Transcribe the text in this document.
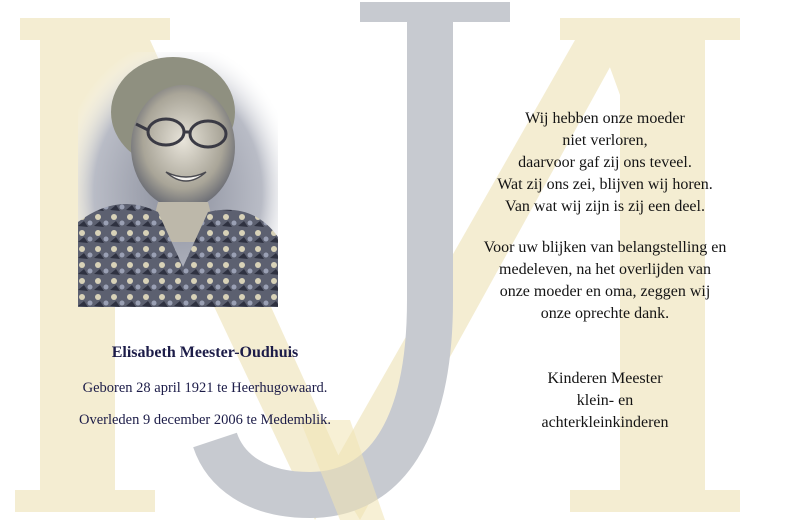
Elisabeth Meester-Oudhuis
Geboren 28 april 1921 te Heerhugowaard.
Overleden 9 december 2006 te Medemblik.
Wij hebben onze moeder
niet verloren,
daarvoor gaf zij ons teveel.
Wat zij ons zei, blijven wij horen.
Van wat wij zijn is zij een deel.
Voor uw blijken van belangstelling en
medeleven, na het overlijden van
onze moeder en oma, zeggen wij
onze oprechte dank.
Kinderen Meester
klein- en
achterkleinkinderen
